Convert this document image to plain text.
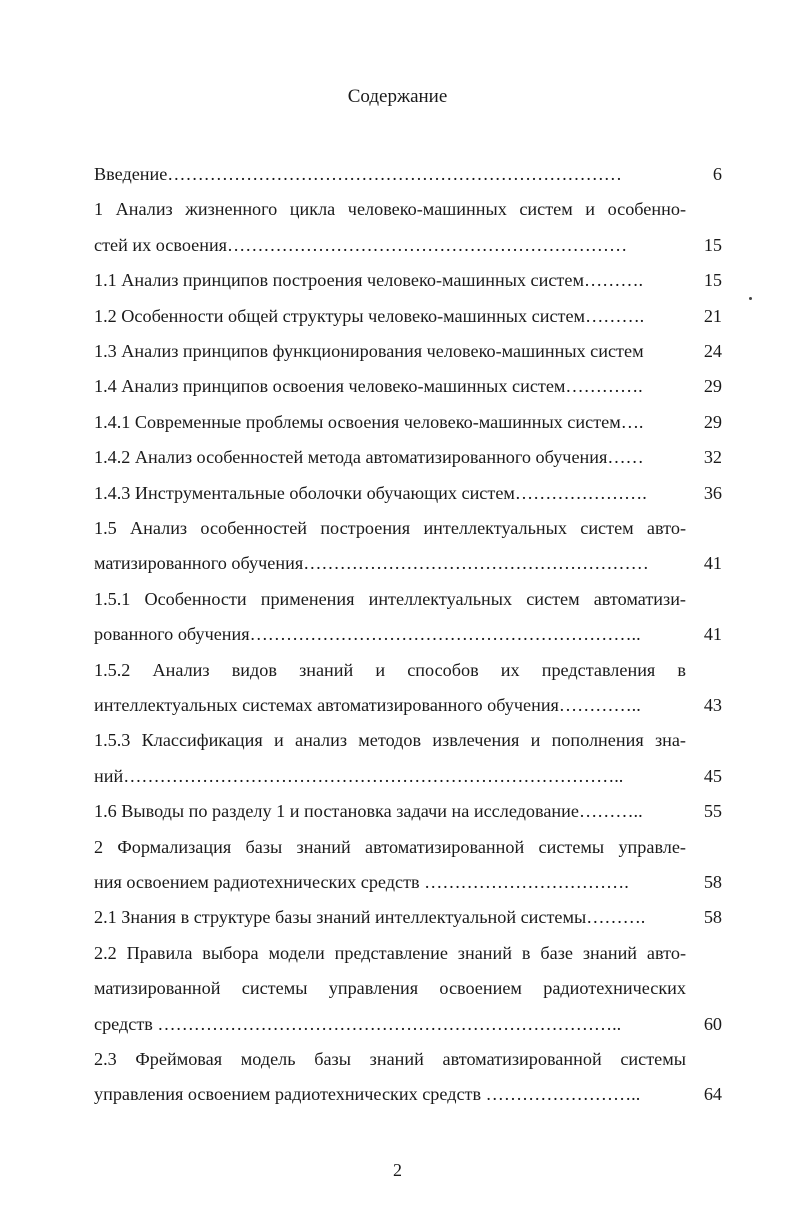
Содержание
Введение…………………………………………………………………	6
1 Анализ жизненного цикла человеко-машинных систем и особенно-
стей их освоения…………………………………………………………	15
1.1 Анализ принципов построения человеко-машинных систем……….	15
1.2 Особенности общей структуры человеко-машинных систем……….	21
1.3 Анализ принципов функционирования человеко-машинных систем	24
1.4 Анализ принципов освоения человеко-машинных систем………….	29
1.4.1 Современные проблемы освоения человеко-машинных систем….	29
1.4.2 Анализ особенностей метода автоматизированного обучения……	32
1.4.3 Инструментальные оболочки обучающих систем………………….	36
1.5 Анализ особенностей построения интеллектуальных систем авто-
матизированного обучения…………………………………………………	41
1.5.1 Особенности применения интеллектуальных систем автоматизи-
рованного обучения………………………………………………………..	41
1.5.2 Анализ видов знаний и способов их представления в
интеллектуальных системах автоматизированного обучения…………..	43
1.5.3 Классификация и анализ методов извлечения и пополнения зна-
ний………………………………………………………………………..	45
1.6 Выводы по разделу 1 и постановка задачи на исследование………..	55
2 Формализация базы знаний автоматизированной системы управле-
ния освоением радиотехнических средств …………………………….	58
2.1 Знания в структуре базы знаний интеллектуальной системы……….	58
2.2 Правила выбора модели представление знаний в базе знаний авто-
матизированной системы управления освоением радиотехнических
средств …………………………………………………………………..	60
2.3 Фреймовая модель базы знаний автоматизированной системы
управления освоением радиотехнических средств ……………………..	64
2
